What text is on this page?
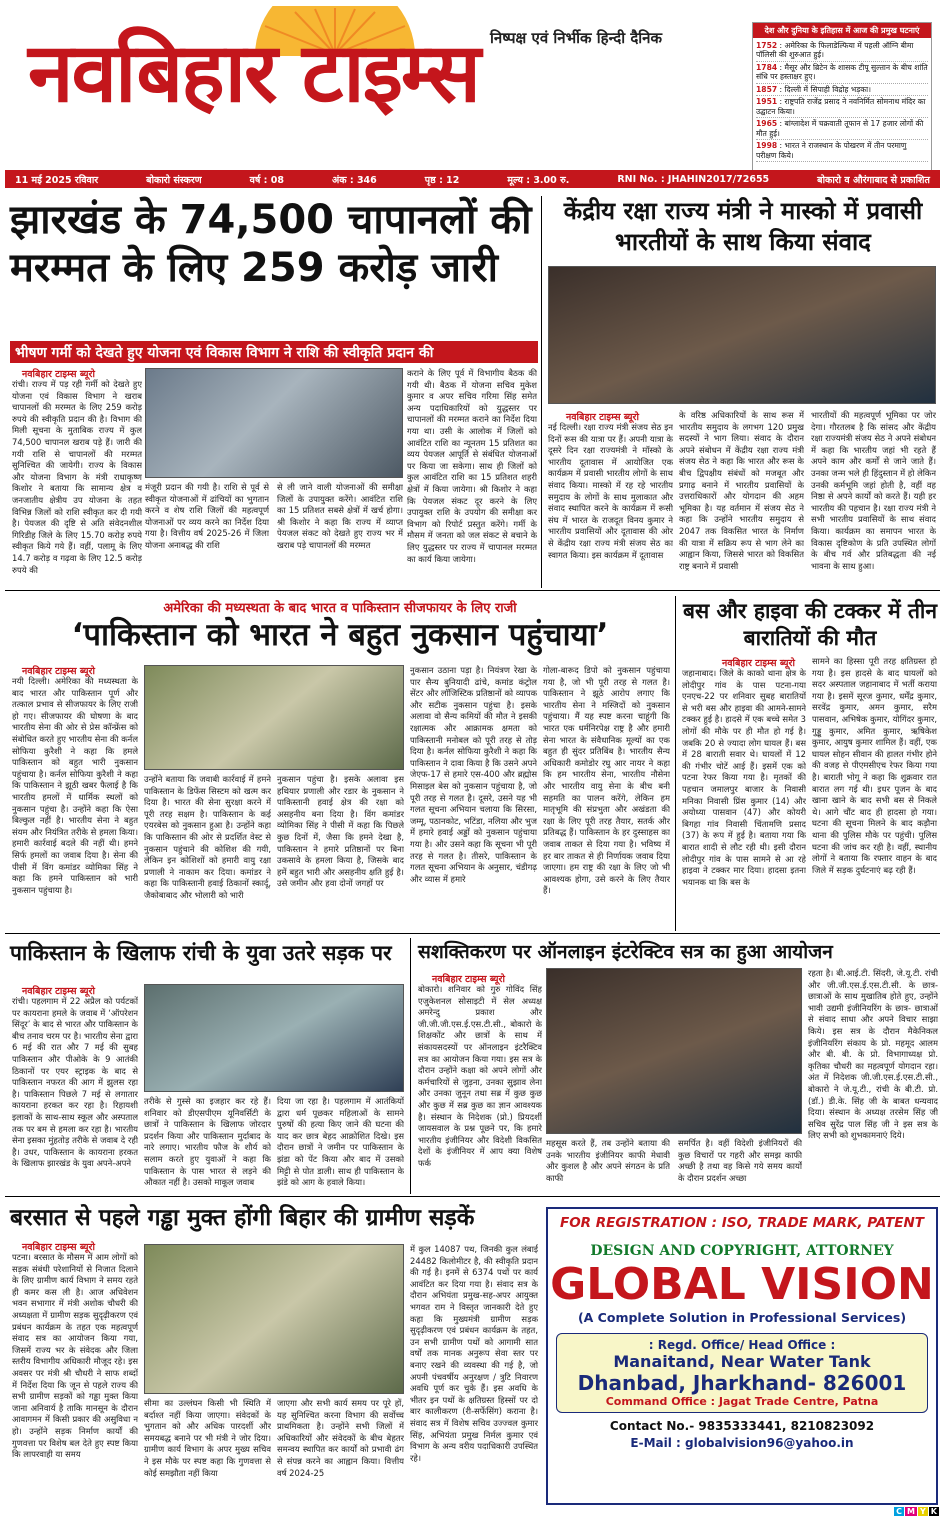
नवबिहार टाइम्स निष्पक्ष एवं निर्भीक हिन्दी दैनिक	देश और दुनिया के इतिहास में आज की प्रमुख घटनाएं
1752 : अमेरिका के फिलाडेल्फिया में पहली ऑग्नि बीमा पॉलिसी की शुरुआत हुई।
1784 : मैसूर और ब्रिटेन के शासक टीपू सुल्तान के बीच शांति संधि पर हस्ताक्षर हुए।
1857 : दिल्ली में सिपाही विद्रोह भड़का।
1951 : राष्ट्रपति राजेंद्र प्रसाद ने नवनिर्मित सोमनाथ मंदिर का उद्घाटन किया।
1965 : बांग्लादेश में चक्रवाती तूफान से 17 हजार लोगों की मौत हुई।
1998 : भारत ने राजस्थान के पोखरण में तीन परमाणु परीक्षण किये।
11 मई 2025 रविवार	बोकारो संस्करण	वर्ष : 08	अंक : 346	पृष्ठ : 12	मूल्य : 3.00 रु.	RNI No. : JHAHIN2017/72655	बोकारो व औरंगाबाद से प्रकाशित
झारखंड के 74,500 चापानलों की मरम्मत के लिए 259 करोड़ जारी
भीषण गर्मी को देखते हुए योजना एवं विकास विभाग ने राशि की स्वीकृति प्रदान की
नवबिहार टाइम्स ब्यूरो
रांची। राज्य में पड़ रही गर्मी को देखते हुए योजना एवं विकास विभाग ने खराब चापानलों की मरम्मत के लिए 259 करोड़ रुपये की स्वीकृति प्रदान की है। विभाग की मिली सूचना के मुताबिक राज्य में कुल 74,500 चापानल खराब पड़े हैं। जारी की गयी राशि से चापानलों की मरम्मत सुनिश्चित की जायेगी। राज्य के विकास और योजना विभाग के मंत्री राधाकृष्ण किशोर ने बताया कि सामान्य क्षेत्र व जनजातीय क्षेत्रीय उप योजना के तहत विभिन्न जिलों को राशि स्वीकृत कर दी गयी है। पेयजल की दृष्टि से अति संवेदनशील गिरिडीह जिले के लिए 15.70 करोड़ रुपये स्वीकृत किये गये हैं। वहीं, पलामू के लिए 14.7 करोड़ व गढ़वा के लिए 12.5 करोड़ रुपये की
मंजूरी प्रदान की गयी है। राशि से पूर्व से स्वीकृत योजनाओं में ढांचियों का भुगतान करने व शेष राशि जिलों की महत्वपूर्ण योजनाओं पर व्यय करने का निर्देश दिया गया है। वित्तीय वर्ष 2025-26 में जिला योजना अनाबद्ध की राशि
से ली जाने वाली योजनाओं की समीक्षा जिलों के उपायुक्त करेंगे। आवंटित राशि का 15 प्रतिशत सबसे क्षेत्रों में खर्च होगा। श्री किशोर ने कहा कि राज्य में व्याप्त पेयजल संकट को देखते हुए राज्य भर में खराब पड़े चापानलों की मरम्मत
कराने के लिए पूर्व में विभागीय बैठक की गयी थी। बैठक में योजना सचिव मुकेश कुमार व अपर सचिव गरिमा सिंह समेत अन्य पदाधिकारियों को युद्धस्तर पर चापानलों की मरम्मत कराने का निर्देश दिया गया था। उसी के आलोक में जिलों को आवंटित राशि का न्यूनतम 15 प्रतिशत का व्यय पेयजल आपूर्ति से संबंधित योजनाओं पर किया जा सकेगा। साथ ही जिलों को कुल आवंटित राशि का 15 प्रतिशत शहरी क्षेत्रों में किया जायेगा। श्री किशोर ने कहा कि पेयजल संकट दूर करने के लिए उपायुक्त राशि के उपयोग की समीक्षा कर विभाग को रिपोर्ट प्रस्तुत करेंगे। गर्मी के मौसम में जनता को जल संकट से बचाने के लिए युद्धस्तर पर राज्य में चापानल मरम्मत का कार्य किया जायेगा।
केंद्रीय रक्षा राज्य मंत्री ने मास्को में प्रवासी भारतीयों के साथ किया संवाद
नवबिहार टाइम्स ब्यूरो
नई दिल्ली। रक्षा राज्य मंत्री संजय सेठ इन दिनों रूस की यात्रा पर हैं। अपनी यात्रा के दूसरे दिन रक्षा राज्यमंत्री ने मॉस्को के भारतीय दूतावास में आयोजित एक कार्यक्रम में प्रवासी भारतीय लोगों के साथ संवाद किया। मास्को में रह रहे भारतीय समुदाय के लोगों के साथ मुलाकात और संवाद स्थापित करने के कार्यक्रम में रूसी संघ में भारत के राजदूत विनय कुमार ने भारतीय प्रवासियों और दूतावास की ओर से केंद्रीय रक्षा राज्य मंत्री संजय सेठ का स्वागत किया। इस कार्यक्रम में दूतावास
के वरिष्ठ अधिकारियों के साथ रूस में भारतीय समुदाय के लगभग 120 प्रमुख सदस्यों ने भाग लिया। संवाद के दौरान अपने संबोधन में केंद्रीय रक्षा राज्य मंत्री संजय सेठ ने कहा कि भारत और रूस के बीच द्विपक्षीय संबंधों को मजबूत और प्रगाढ़ बनाने में भारतीय प्रवासियों के उत्तराधिकारों और योगदान की अहम भूमिका है। यह वर्तमान में संजय सेठ ने कहा कि उन्होंने भारतीय समुदाय से 2047 तक विकसित भारत के निर्माण की यात्रा में सक्रिय रूप से भाग लेने का आह्वान किया, जिससे भारत को विकसित राष्ट्र बनाने में प्रवासी
भारतीयों की महत्वपूर्ण भूमिका पर जोर देगा। गौरतलब है कि सांसद और केंद्रीय रक्षा राज्यमंत्री संजय सेठ ने अपने संबोधन में कहा कि भारतीय जहां भी रहते हैं अपने काम और कर्मों से जाने जाते हैं। उनका जन्म भले ही हिंदुस्तान में हो लेकिन उनकी कर्मभूमि जहां होती है, वहीं वह निष्ठा से अपने कार्यों को करते हैं। यही हर भारतीय की पहचान है। रक्षा राज्य मंत्री ने सभी भारतीय प्रवासियों के साथ संवाद किया। कार्यक्रम का समापन भारत के विकास दृष्टिकोण के प्रति उपस्थित लोगों के बीच गर्व और प्रतिबद्धता की नई भावना के साथ हुआ।
अमेरिका की मध्यस्थता के बाद भारत व पाकिस्तान सीजफायर के लिए राजी
‘पाकिस्तान को भारत ने बहुत नुकसान पहुंचाया’
नवबिहार टाइम्स ब्यूरो
नयी दिल्ली। अमेरिका की मध्यस्थता के बाद भारत और पाकिस्तान पूर्ण और तत्काल प्रभाव से सीजफायर के लिए राजी हो गए। सीजफायर की घोषणा के बाद भारतीय सेना की ओर से प्रेस कॉन्फ्रेंस को संबोधित करते हुए भारतीय सेना की कर्नल सोफिया कुरैशी ने कहा कि हमले पाकिस्तान को बहुत भारी नुकसान पहुंचाया है। कर्नल सोफिया कुरैशी ने कहा कि पाकिस्तान ने झूठी खबर फैलाई है कि भारतीय हमलों में धार्मिक स्थलों को नुकसान पहुंचा है। उन्होंने कहा कि ऐसा बिल्कुल नहीं है। भारतीय सेना ने बहुत संयम और नियंत्रित तरीके से हमला किया। हमारी कार्रवाई बदले की नहीं थी। हमने सिर्फ हमलों का जवाब दिया है। सेना की पीसी में विंग कमांडर व्योमिका सिंह ने कहा कि हमने पाकिस्तान को भारी नुकसान पहुंचाया है।
उन्होंने बताया कि जवाबी कार्रवाई में हमने पाकिस्तान के डिफेंस सिस्टम को खत्म कर दिया है। भारत की सेना सुरक्षा करने में पूरी तरह सक्षम है। पाकिस्तान के कई एयरबेस को नुकसान हुआ है। उन्होंने कहा कि पाकिस्तान की ओर से प्रदर्शित वेस्ट से नुकसान पहुंचाने की कोशिश की गयी, लेकिन इन कोशिशों को हमारी वायु रक्षा प्रणाली ने नाकाम कर दिया। कमांडर ने कहा कि पाकिस्तानी हवाई ठिकानों स्कार्दू, जैकोबाबाद और भोलारी को भारी
नुकसान पहुंचा है। इसके अलावा इस हथियार प्रणाली और रडार के नुकसान ने पाकिस्तानी हवाई क्षेत्र की रक्षा को असहनीय बना दिया है। विंग कमांडर व्योमिका सिंह ने पीसी में कहा कि पिछले कुछ दिनों में, जैसा कि हमने देखा है, पाकिस्तान ने हमारे प्रतिष्ठानों पर बिना उकसावे के हमला किया है, जिसके बाद हमें बहुत भारी और असहनीय क्षति हुई है। उसे जमीन और हवा दोनों जगहों पर
नुकसान उठाना पड़ा है। नियंत्रण रेखा के पार सैन्य बुनियादी ढांचे, कमांड कंट्रोल सेंटर और लॉजिस्टिक प्रतिष्ठानों को व्यापक और सटीक नुकसान पहुंचा है। इसके अलावा वो सैन्य कमियों की मौत ने इसकी रक्षात्मक और आक्रामक क्षमता को पाकिस्तानी मनोबल को पूरी तरह से तोड़ दिया है। कर्नल सोफिया कुरैशी ने कहा कि पाकिस्तान ने दावा किया है कि उसने अपने जेएफ-17 से हमारे एस-400 और ब्रह्मोस मिसाइल बेस को नुकसान पहुंचाया है, जो पूरी तरह से गलत है। दूसरे, उसने यह भी गलत सूचना अभियान चलाया कि सिरसा, जम्मू, पठानकोट, भटिंडा, नलिया और भुज में हमारे हवाई अड्डों को नुकसान पहुंचाया गया है। और उसने कहा कि सूचना भी पूरी तरह से गलत है। तीसरे, पाकिस्तान के गलत सूचना अभियान के अनुसार, चंडीगढ़ और व्यास में हमारे
गोला-बारूद डिपो को नुकसान पहुंचाया गया है, जो भी पूरी तरह से गलत है। पाकिस्तान ने झूठे आरोप लगाए कि भारतीय सेना ने मस्जिदों को नुकसान पहुंचाया। मैं यह स्पष्ट करना चाहूंगी कि भारत एक धर्मनिरपेक्ष राष्ट्र है और हमारी सेना भारत के संवैधानिक मूल्यों का एक बहुत ही सुंदर प्रतिबिंब है। भारतीय सैन्य अधिकारी कमोडोर रघु आर नायर ने कहा कि हम भारतीय सेना, भारतीय नौसेना और भारतीय वायु सेना के बीच बनी सहमति का पालन करेंगे, लेकिन हम मातृभूमि की संप्रभुता और अखंडता की रक्षा के लिए पूरी तरह तैयार, सतर्क और प्रतिबद्ध हैं। पाकिस्तान के हर दुस्साहस का जवाब ताकत से दिया गया है। भविष्य में हर बार ताकत से ही निर्णायक जवाब दिया जाएगा। हम राष्ट्र की रक्षा के लिए जो भी आवश्यक होगा, उसे करने के लिए तैयार हैं।
बस और हाइवा की टक्कर में तीन बारातियों की मौत
नवबिहार टाइम्स ब्यूरो
जहानाबाद। जिले के काको थाना क्षेत्र के लोदीपुर गांव के पास पटना-गया एनएच-22 पर शनिवार सुबह बारातियों से भरी बस और हाइवा की आमने-सामने टक्कर हुई है। हादसे में एक बच्चे समेत 3 लोगों की मौके पर ही मौत हो गई है। जबकि 20 से ज्यादा लोग घायल हैं। बस में 28 बाराती सवार थे। घायलों में 12 की गंभीर चोटें आई हैं। इसमें एक को पटना रेफर किया गया है। मृतकों की पहचान जमालपुर बाजार के निवासी मनिका निवासी प्रिंस कुमार (14) और अयोध्या पासवान (47) और कोयरी बिगहा गांव निवासी चिंतामणि प्रसाद (37) के रूप में हुई है। बताया गया कि बारात शादी से लौट रही थी। इसी दौरान लोदीपुर गांव के पास सामने से आ रहे हाइवा ने टक्कर मार दिया। हादसा इतना भयानक था कि बस के
सामने का हिस्सा पूरी तरह क्षतिग्रस्त हो गया है। इस हादसे के बाद घायलों को सदर अस्पताल जहानाबाद में भर्ती कराया गया है। इसमें सूरज कुमार, धर्मेंद्र कुमार, सरवेंद्र कुमार, अमन कुमार, सरैम पासवान, अभिषेक कुमार, योगिंदर कुमार, गुड्डू कुमार, अमित कुमार, ऋषिकेश कुमार, आयुष कुमार शामिल हैं। वहीं, एक घायल सोहन सीवान की हालत गंभीर होने की वजह से पीएमसीएच रेफर किया गया है। बाराती भोगू ने कहा कि शुक्रवार रात बारात लग गई थी। इधर पूजन के बाद खाना खाने के बाद सभी बस से निकले थे। आगे चौंट बाद ही हादसा हो गया। घटना की सूचना मिलने के बाद कड़ौना थाना की पुलिस मौके पर पहुंची। पुलिस घटना की जांच कर रही है। वहीं, स्थानीय लोगों ने बताया कि रफ्तार वाहन के बाद जिले में सड़क दुर्घटनाएं बढ़ रही हैं।
पाकिस्तान के खिलाफ रांची के युवा उतरे सड़क पर
नवबिहार टाइम्स ब्यूरो
रांची। पहलगाम में 22 अप्रैल को पर्यटकों पर कायराना हमले के जवाब में ‘ऑपरेशन सिंदूर’ के बाद से भारत और पाकिस्तान के बीच तनाव चरम पर है। भारतीय सेना द्वारा 6 मई की रात और 7 मई की सुबह पाकिस्तान और पीओके के 9 आतंकी ठिकानों पर एयर स्ट्राइक के बाद से पाकिस्तान नफरत की आग में झुलस रहा है। पाकिस्तान पिछले 7 मई से लगातार कायराना हरकत कर रहा है। रिहायशी इलाकों के साथ-साथ स्कूल और अस्पताल तक पर बम से हमला कर रहा है। भारतीय सेना इसका मुंहतोड़ तरीके से जवाब दे रही है। उधर, पाकिस्तान के कायराना हरकत के खिलाफ झारखंड के युवा अपने-अपने
तरीके से गुस्से का इजहार कर रहे हैं। शनिवार को डीएसपीएम यूनिवर्सिटी के छात्रों ने पाकिस्तान के खिलाफ जोरदार प्रदर्शन किया और पाकिस्तान मुर्दाबाद के नारे लगाए। भारतीय फौज के शौर्य को सलाम करते हुए युवाओं ने कहा कि पाकिस्तान के पास भारत से लड़ने की औकात नहीं है। उसको माकूल जवाब
दिया जा रहा है। पहलगाम में आतंकियों द्वारा धर्म पूछकर महिलाओं के सामने पुरुषों की हत्या किए जाने की घटना की याद कर छात्र बेहद आक्रोशित दिखे। इस दौरान छात्रों ने जमीन पर पाकिस्तान के झंडा को पेंट किया और बाद में उसको मिट्टी से पोत डाली। साथ ही पाकिस्तान के झंडे को आग के हवाले किया।
सशक्तिकरण पर ऑनलाइन इंटरेक्टिव सत्र का हुआ आयोजन
नवबिहार टाइम्स ब्यूरो
बोकारो। शनिवार को गुरु गोविंद सिंह एजुकेशनल सोसाइटी में सेल अध्यक्ष अमरेन्दु प्रकाश और जी.जी.जी.एस.ई.एस.टी.सी., बोकारो के शिक्षकोंट और छात्रों के साथ में संकायसदस्यों पर ऑनलाइन इंटरैक्टिव सत्र का आयोजन किया गया। इस सत्र के दौरान उन्होंने कक्षा को अपने लोगों और कर्मचारियों से जुड़ना, उनका सुझाव लेना और उनका जुनून तथा सब्र में कुछ कुछ और कुछ में सब्र कुछ का ज्ञान आवश्यक है। संस्थान के निदेशक (प्रो.) प्रियदर्शी जायसवाल के प्रश्न पूछने पर, कि हमारे भारतीय इंजीनियर और विदेशी विकसित देशों के इंजीनियर में आप क्या विशेष फर्क
महसूस करते हैं, तब उन्होंने बताया की उनके भारतीय इंजीनियर काफी मेधावी और कुशल है और अपने संगठन के प्रति काफी
समर्पित है। वहीं विदेशी इंजीनियरों की कुछ विचारों पर गहरी और समझ काफी अच्छी है तथा वह किसे गये समय कार्यों के दौरान प्रदर्शन अच्छा
रहता है। बी.आई.टी. सिंदरी, जे.यू.टी. रांची और जी.जी.एस.ई.एस.टी.सी. के छात्र- छात्राओं के साथ मुखातिब होते हुए, उन्होंने भावी उद्यमी इंजीनियरिंग के छात्र- छात्राओं से संवाद साधा और अपने विचार साझा किये। इस सत्र के दौरान मैकेनिकल इंजीनियरिंग संकाय के प्रो. महमूद आलम और बी. बी. के प्रो. विभागाध्यक्ष प्रो. कृतिका चौधरी का महत्वपूर्ण योगदान रहा। अंत में निदेशक जी.जी.एस.ई.एस.टी.सी., बोकारो ने जे.यू.टी., रांची के बी.टी. प्रो. (डॉ.) डी.के. सिंह जी के बाबत धन्यवाद दिया। संस्थान के अध्यक्ष तरसेम सिंह जी सचिव सुरेंद्र पाल सिंह जी ने इस सत्र के लिए सभी को शुभकामनाएं दिये।
बरसात से पहले गड्ढा मुक्त होंगी बिहार की ग्रामीण सड़कें
नवबिहार टाइम्स ब्यूरो
पटना। बरसात के मौसम में आम लोगों को सड़क संबंधी परेशानियों से निजात दिलाने के लिए ग्रामीण कार्य विभाग ने समय रहते ही कमर कस ली है। आज अधिवेशन भवन सभागार में मंत्री अशोक चौधरी की अध्यक्षता में ग्रामीण सड़क सुदृढ़ीकरण एवं प्रबंधन कार्यक्रम के तहत एक महत्वपूर्ण संवाद सत्र का आयोजन किया गया, जिसमें राज्य भर के संवेदक और जिला स्तरीय विभागीय अधिकारी मौजूद रहे। इस अवसर पर मंत्री श्री चौधरी ने साफ शब्दों में निर्देश दिया कि जून से पहले राज्य की सभी ग्रामीण सड़कों को गड्ढा मुक्त किया जाना अनिवार्य है ताकि मानसून के दौरान आवागमन में किसी प्रकार की असुविधा न हो। उन्होंने सड़क निर्माण कार्यों की गुणवत्ता पर विशेष बल देते हुए स्पष्ट किया कि लापरवाही या समय
सीमा का उल्लंघन किसी भी स्थिति में बर्दाश्त नहीं किया जाएगा। संवेदकों के भुगतान को और अधिक पारदर्शी और समयबद्ध बनाने पर भी मंत्री ने जोर दिया। ग्रामीण कार्य विभाग के अपर मुख्य सचिव ने इस मौके पर स्पष्ट कहा कि गुणवत्ता से कोई समझौता नहीं किया
जाएगा और सभी कार्य समय पर पूरे हों, यह सुनिश्चित करना विभाग की सर्वोच्च प्राथमिकता है। उन्होंने सभी जिलों में अधिकारियों और संवेदकों के बीच बेहतर समन्वय स्थापित कर कार्यों को प्रभावी ढंग से संपन्न करने का आह्वान किया। वित्तीय वर्ष 2024-25
में कुल 14087 पथ, जिनकी कुल लंबाई 24482 किलोमीटर है, की स्वीकृति प्रदान की गई है। इनमें से 6374 पथों पर कार्य आवंटित कर दिया गया है। संवाद सत्र के दौरान अभियंता प्रमुख-सह-अपर आयुक्त भगवत राम ने विस्तृत जानकारी देते हुए कहा कि मुख्यमंत्री ग्रामीण सड़क सुदृढ़ीकरण एवं प्रबंधन कार्यक्रम के तहत, उन सभी ग्रामीण पथों को आगामी सात वर्षों तक मानक अनुरूप सेवा स्तर पर बनाए रखने की व्यवस्था की गई है, जो अपनी पंचवर्षीय अनुरक्षण / त्रुटि निवारण अवधि पूर्ण कर चुके हैं। इस अवधि के भीतर इन पथों के क्षतिग्रस्त हिस्सों पर दो बार कालीकरण (री-सर्फेसिंग) कराना है। संवाद सत्र में विशेष सचिव उज्ज्वल कुमार सिंह, अभियंता प्रमुख निर्मल कुमार एवं विभाग के अन्य वरीय पदाधिकारी उपस्थित रहे।
FOR REGISTRATION : ISO, TRADE MARK, PATENT
DESIGN AND COPYRIGHT, ATTORNEY
GLOBAL VISION
(A Complete Solution in Professional Services)
: Regd. Office/ Head Office :
Manaitand, Near Water Tank
Dhanbad, Jharkhand- 826001
Command Office : Jagat Trade Centre, Patna
Contact No.- 9835333441, 8210823092
E-Mail : globalvision96@yahoo.in
C M Y K
